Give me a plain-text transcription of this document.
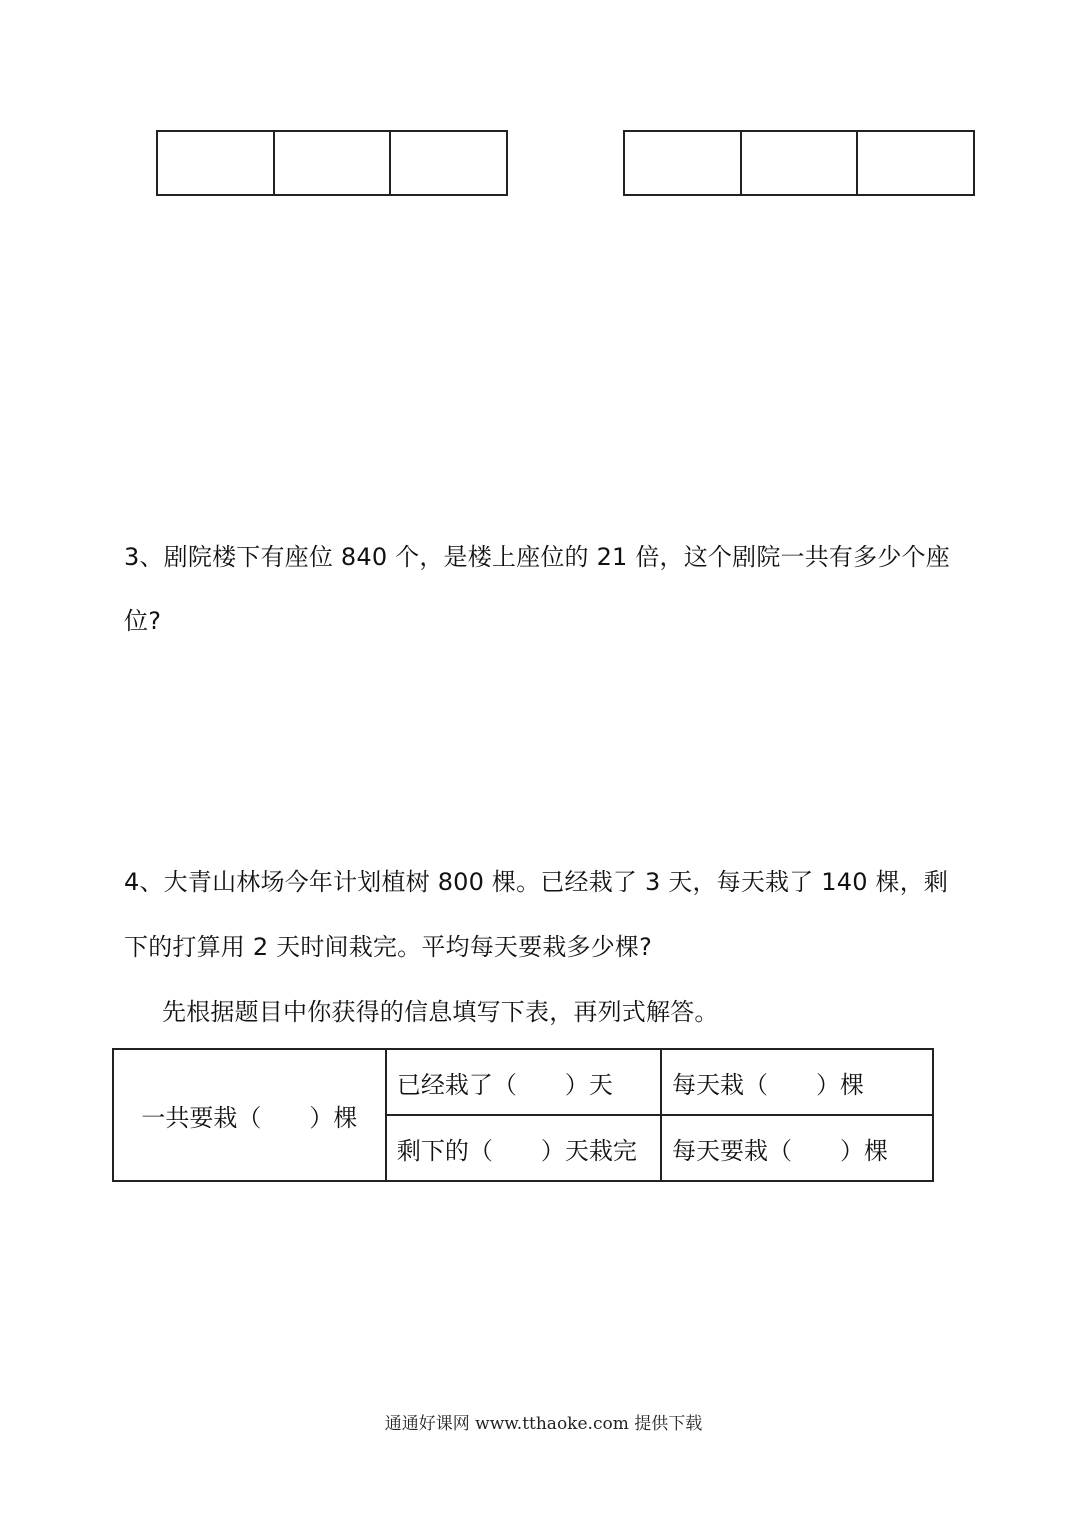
3、剧院楼下有座位 840 个，是楼上座位的 21 倍，这个剧院一共有多少个座
位?
4、大青山林场今年计划植树 800 棵。已经栽了 3 天，每天栽了 140 棵，剩
下的打算用 2 天时间栽完。平均每天要栽多少棵?
先根据题目中你获得的信息填写下表，再列式解答。
一共要栽（　　）棵	已经栽了（　　）天	每天栽（　　）棵
	剩下的（　　）天栽完	每天要栽（　　）棵
通通好课网 www.tthaoke.com 提供下载
